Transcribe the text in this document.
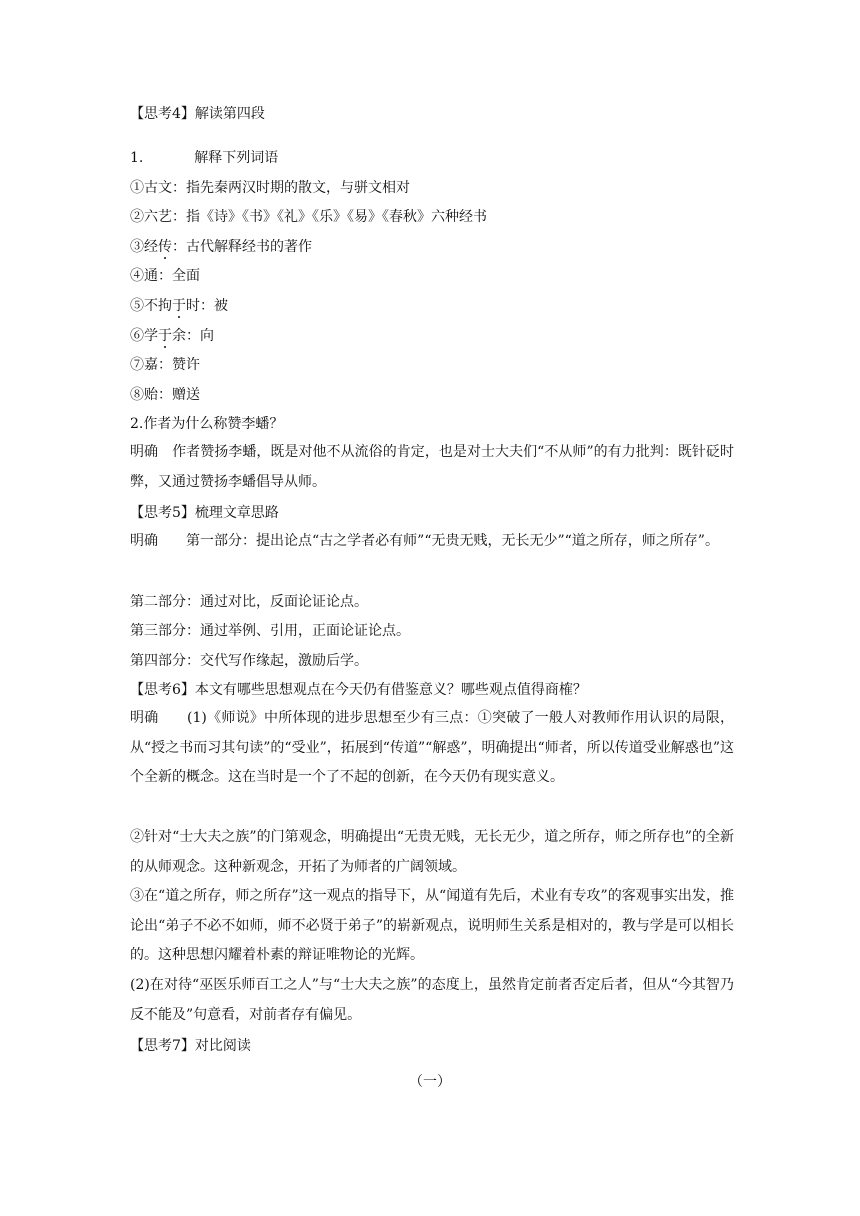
【思考4】解读第四段
1.	解释下列词语
①古文：指先秦两汉时期的散文，与骈文相对
②六艺：指《诗》《书》《礼》《乐》《易》《春秋》六种经书
③经传：古代解释经书的著作
④通：全面
⑤不拘于时：被
⑥学于余：向
⑦嘉：赞许
⑧贻：赠送
2.作者为什么称赞李蟠？
明确　作者赞扬李蟠，既是对他不从流俗的肯定，也是对士大夫们“不从师”的有力批判：既针砭时弊，又通过赞扬李蟠倡导从师。
【思考5】梳理文章思路
明确　　第一部分：提出论点“古之学者必有师”“无贵无贱，无长无少”“道之所存，师之所存”。
第二部分：通过对比，反面论证论点。
第三部分：通过举例、引用，正面论证论点。
第四部分：交代写作缘起，激励后学。
【思考6】本文有哪些思想观点在今天仍有借鉴意义？哪些观点值得商榷？
明确　　(1)《师说》中所体现的进步思想至少有三点：①突破了一般人对教师作用认识的局限，从“授之书而习其句读”的“受业”，拓展到“传道”“解惑”，明确提出“师者，所以传道受业解惑也”这个全新的概念。这在当时是一个了不起的创新，在今天仍有现实意义。
②针对“士大夫之族”的门第观念，明确提出“无贵无贱，无长无少，道之所存，师之所存也”的全新的从师观念。这种新观念，开拓了为师者的广阔领域。
③在“道之所存，师之所存”这一观点的指导下，从“闻道有先后，术业有专攻”的客观事实出发，推论出“弟子不必不如师，师不必贤于弟子”的崭新观点，说明师生关系是相对的，教与学是可以相长的。这种思想闪耀着朴素的辩证唯物论的光辉。
(2)在对待“巫医乐师百工之人”与“士大夫之族”的态度上，虽然肯定前者否定后者，但从“今其智乃反不能及”句意看，对前者存有偏见。
【思考7】对比阅读
（一）
